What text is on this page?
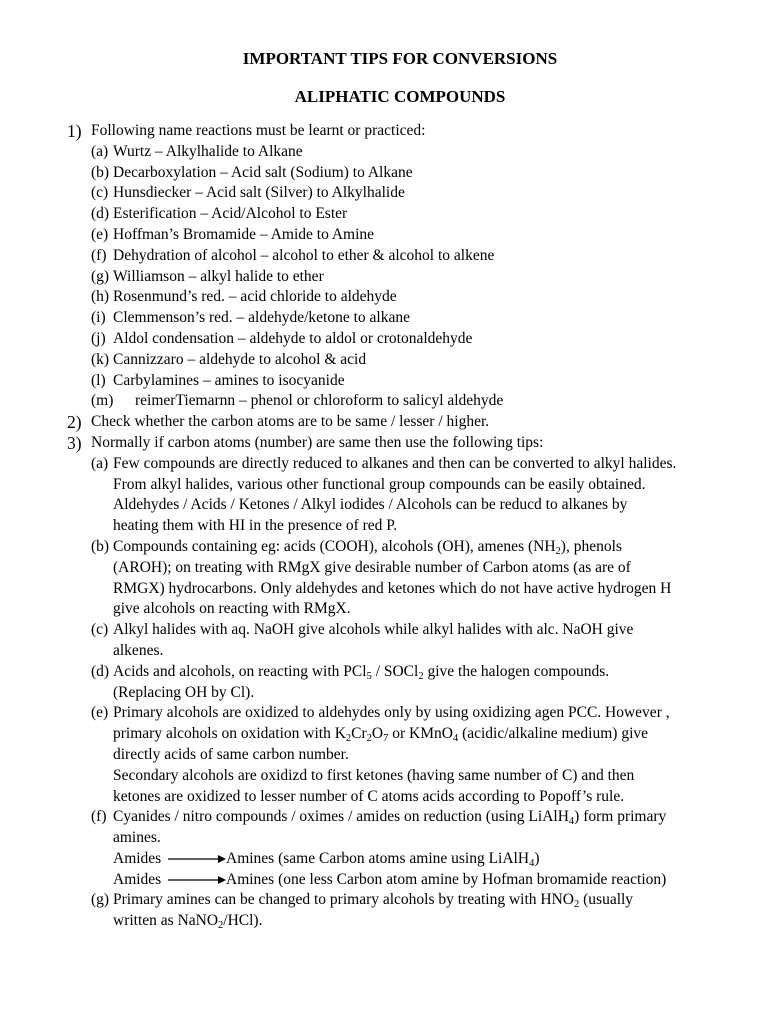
IMPORTANT TIPS FOR CONVERSIONS
ALIPHATIC COMPOUNDS
1) Following name reactions must be learnt or practiced:

(a) Wurtz – Alkylhalide to Alkane

(b) Decarboxylation – Acid salt (Sodium) to Alkane

(c) Hunsdiecker – Acid salt (Silver) to Alkylhalide

(d) Esterification – Acid/Alcohol to Ester

(e) Hoffman’s Bromamide – Amide to Amine

(f) Dehydration of alcohol – alcohol to ether & alcohol to alkene

(g) Williamson – alkyl halide to ether

(h) Rosenmund’s red. – acid chloride to aldehyde

(i) Clemmenson’s red. – aldehyde/ketone to alkane

(j) Aldol condensation – aldehyde to aldol or crotonaldehyde

(k) Cannizzaro – aldehyde to alcohol & acid

(l) Carbylamines – amines to isocyanide

(m) reimerTiemarnn – phenol or chloroform to salicyl aldehyde

2) Check whether the carbon atoms are to be same / lesser / higher.

3) Normally if carbon atoms (number) are same then use the following tips:

(a) Few compounds are directly reduced to alkanes and then can be converted to alkyl halides.

From alkyl halides, various other functional group compounds can be easily obtained.

Aldehydes / Acids / Ketones / Alkyl iodides / Alcohols can be reducd to alkanes by

heating them with HI in the presence of red P.

(b) Compounds containing eg: acids (COOH), alcohols (OH), amenes $(NH_2)$, phenols

(AROH); on treating with RMgX give desirable number of Carbon atoms (as are of

RMGX) hydrocarbons. Only aldehydes and ketones which do not have active hydrogen H

give alcohols on reacting with RMgX.

(c) Alkyl halides with aq. NaOH give alcohols while alkyl halides with alc. NaOH give

alkenes.

(d) Acids and alcohols, on reacting with PCl$_5$ / SOCl$_2$ give the halogen compounds.

(Replacing OH by Cl).

(e) Primary alcohols are oxidized to aldehydes only by using oxidizing agen PCC. However ,

primary alcohols on oxidation with $K_2Cr_2O_7$ or KMnO$_4$ (acidic/alkaline medium) give

directly acids of same carbon number.

Secondary alcohols are oxidizd to first ketones (having same number of C) and then

ketones are oxidized to lesser number of C atoms acids according to Popoff’s rule.

(f) Cyanides / nitro compounds / oximes / amides on reduction (using LiAlH$_4$) form primary

amines.

Amides	Amines (same Carbon atoms amine using LiAlH$_4$)

Amides	Amines (one less Carbon atom amine by Hofman bromamide reaction)

(g) Primary amines can be changed to primary alcohols by treating with $HNO_2$ (usually

written as NaNO$_2$/HCl).
